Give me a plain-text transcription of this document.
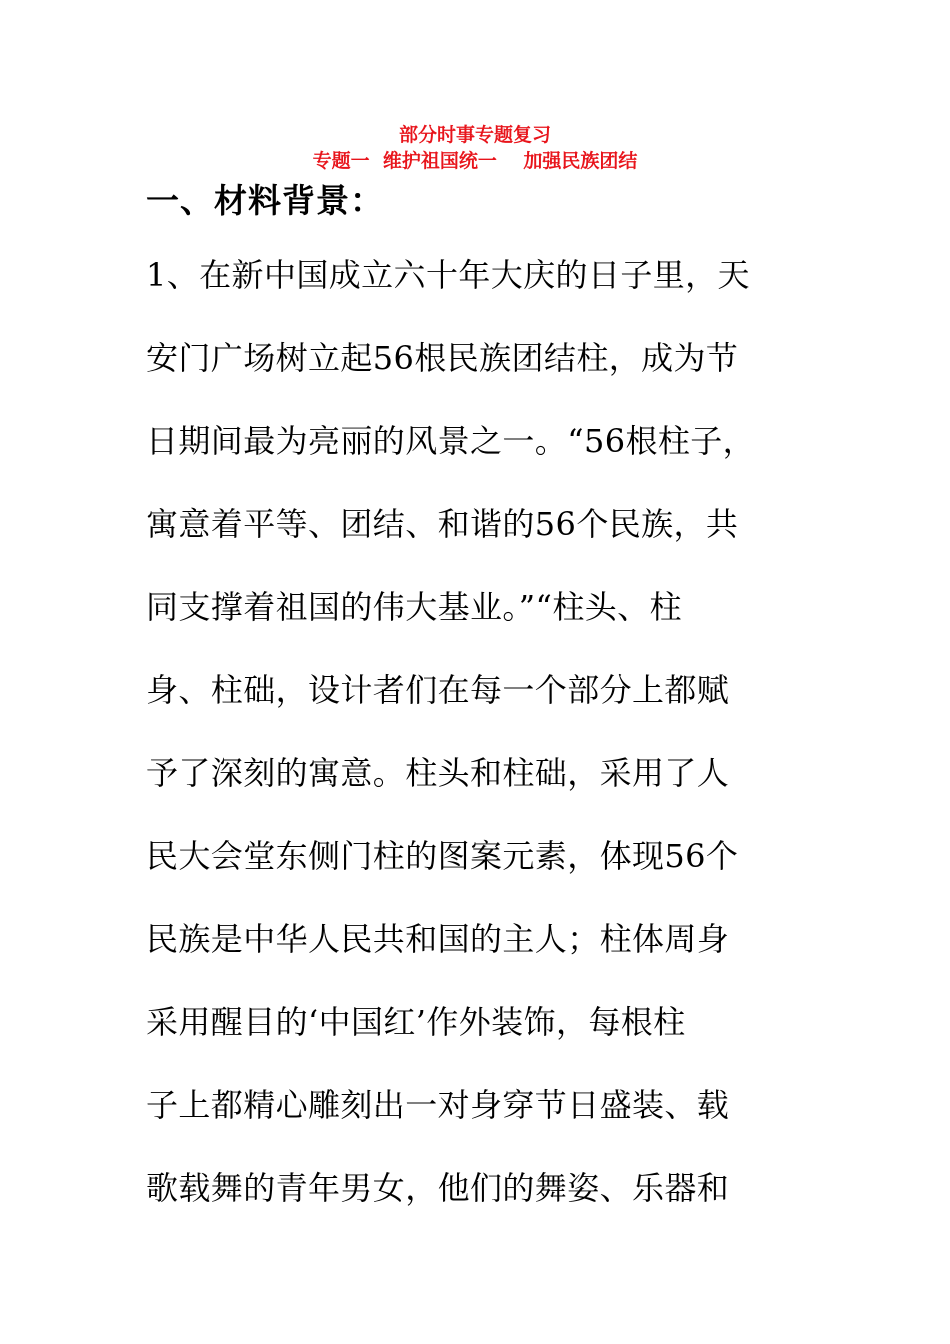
部分时事专题复习
专题一  维护祖国统一    加强民族团结
一、材料背景：
1、在新中国成立六十年大庆的日子里，天
安门广场树立起56根民族团结柱，成为节
日期间最为亮丽的风景之一。“56根柱子，
寓意着平等、团结、和谐的56个民族，共
同支撑着祖国的伟大基业。”“柱头、柱
身、柱础，设计者们在每一个部分上都赋
予了深刻的寓意。柱头和柱础，采用了人
民大会堂东侧门柱的图案元素，体现56个
民族是中华人民共和国的主人；柱体周身
采用醒目的‘中国红’作外装饰，每根柱
子上都精心雕刻出一对身穿节日盛装、载
歌载舞的青年男女，他们的舞姿、乐器和
